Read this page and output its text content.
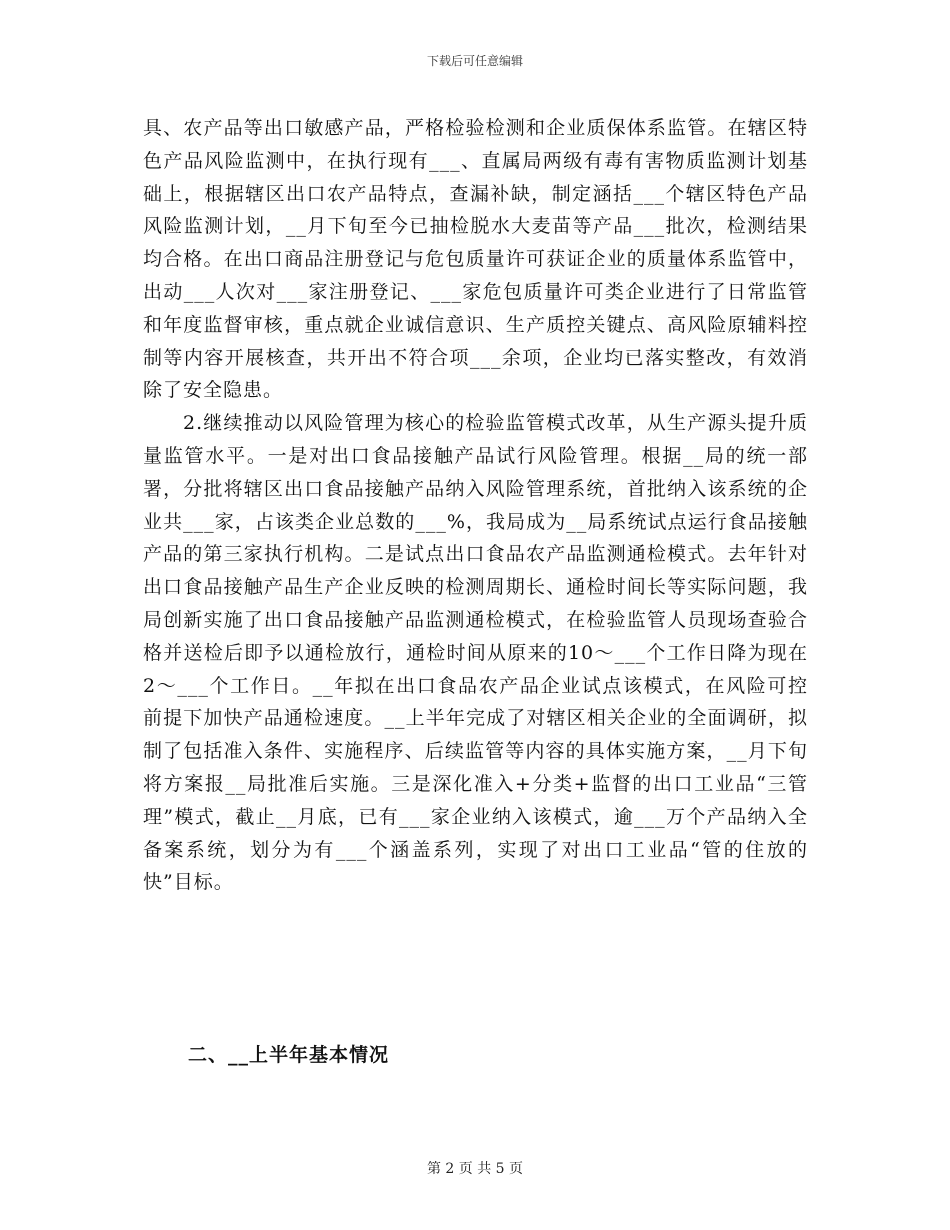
下载后可任意编辑

具、农产品等出口敏感产品，严格检验检测和企业质保体系监管。在辖区特色产品风险监测中，在执行现有___、直属局两级有毒有害物质监测计划基础上，根据辖区出口农产品特点，查漏补缺，制定涵括___个辖区特色产品风险监测计划，__月下旬至今已抽检脱水大麦苗等产品___批次，检测结果均合格。在出口商品注册登记与危包质量许可获证企业的质量体系监管中，出动___人次对___家注册登记、___家危包质量许可类企业进行了日常监管和年度监督审核，重点就企业诚信意识、生产质控关键点、高风险原辅料控制等内容开展核查，共开出不符合项___余项，企业均已落实整改，有效消除了安全隐患。

2.继续推动以风险管理为核心的检验监管模式改革，从生产源头提升质量监管水平。一是对出口食品接触产品试行风险管理。根据__局的统一部署，分批将辖区出口食品接触产品纳入风险管理系统，首批纳入该系统的企业共___家，占该类企业总数的___%，我局成为__局系统试点运行食品接触产品的第三家执行机构。二是试点出口食品农产品监测通检模式。去年针对出口食品接触产品生产企业反映的检测周期长、通检时间长等实际问题，我局创新实施了出口食品接触产品监测通检模式，在检验监管人员现场查验合格并送检后即予以通检放行，通检时间从原来的10～___个工作日降为现在2～___个工作日。__年拟在出口食品农产品企业试点该模式，在风险可控前提下加快产品通检速度。__上半年完成了对辖区相关企业的全面调研，拟制了包括准入条件、实施程序、后续监管等内容的具体实施方案，__月下旬将方案报__局批准后实施。三是深化准入+分类+监督的出口工业品“三管理”模式，截止__月底，已有___家企业纳入该模式，逾___万个产品纳入全备案系统，划分为有___个涵盖系列，实现了对出口工业品“管的住放的快”目标。

二、__上半年基本情况
第 2 页 共 5 页
